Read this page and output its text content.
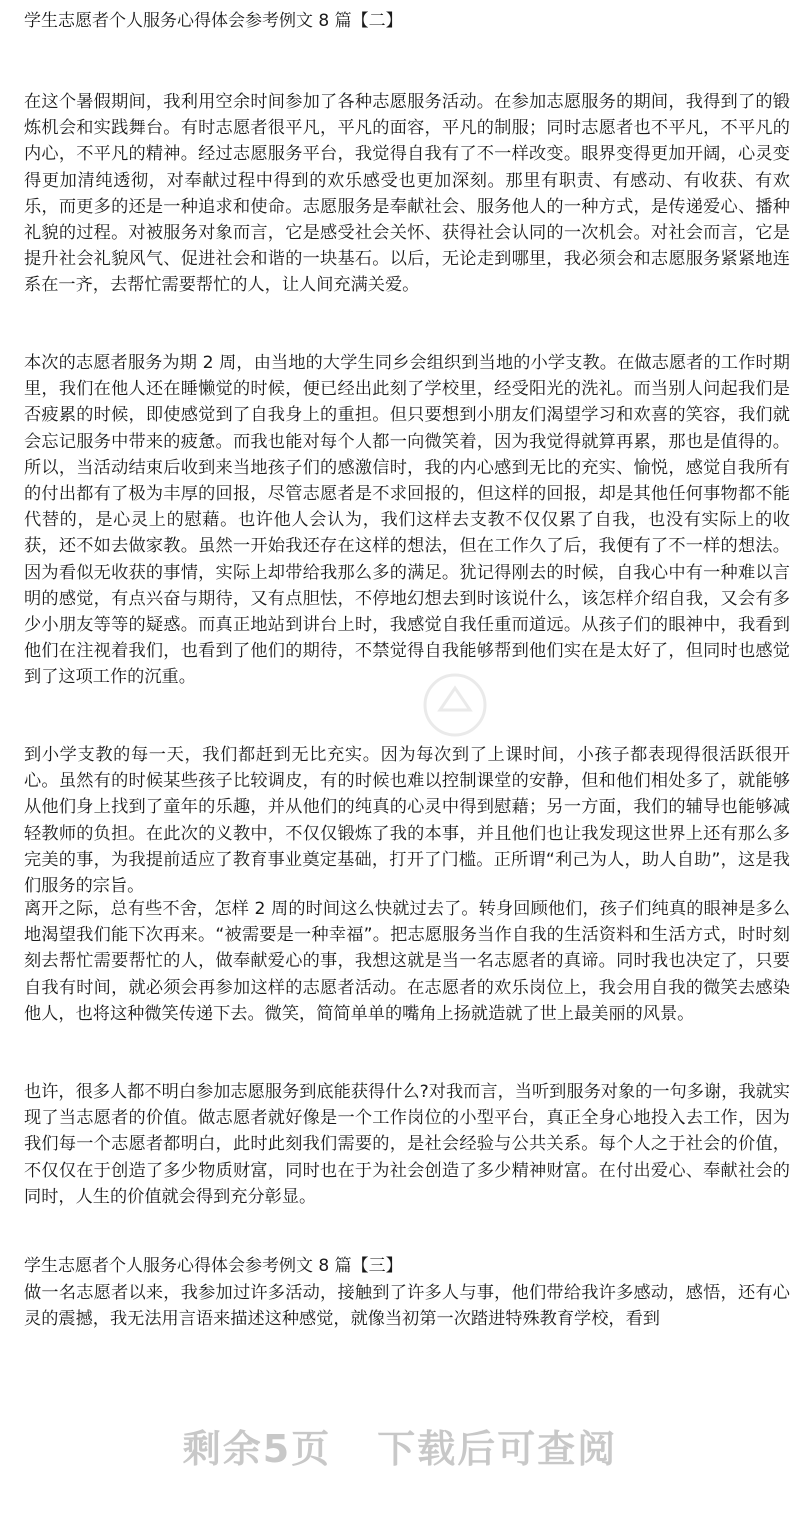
学生志愿者个人服务心得体会参考例文 8 篇【二】

在这个暑假期间，我利用空余时间参加了各种志愿服务活动。在参加志愿服务的期间，我得到了的锻炼机会和实践舞台。有时志愿者很平凡，平凡的面容，平凡的制服；同时志愿者也不平凡，不平凡的内心，不平凡的精神。经过志愿服务平台，我觉得自我有了不一样改变。眼界变得更加开阔，心灵变得更加清纯透彻，对奉献过程中得到的欢乐感受也更加深刻。那里有职责、有感动、有收获、有欢乐，而更多的还是一种追求和使命。志愿服务是奉献社会、服务他人的一种方式，是传递爱心、播种礼貌的过程。对被服务对象而言，它是感受社会关怀、获得社会认同的一次机会。对社会而言，它是提升社会礼貌风气、促进社会和谐的一块基石。以后，无论走到哪里，我必须会和志愿服务紧紧地连系在一齐，去帮忙需要帮忙的人，让人间充满关爱。

本次的志愿者服务为期 2 周，由当地的大学生同乡会组织到当地的小学支教。在做志愿者的工作时期里，我们在他人还在睡懒觉的时候，便已经出此刻了学校里，经受阳光的洗礼。而当别人问起我们是否疲累的时候，即使感觉到了自我身上的重担。但只要想到小朋友们渴望学习和欢喜的笑容，我们就会忘记服务中带来的疲惫。而我也能对每个人都一向微笑着，因为我觉得就算再累，那也是值得的。所以，当活动结束后收到来当地孩子们的感激信时，我的内心感到无比的充实、愉悦，感觉自我所有的付出都有了极为丰厚的回报，尽管志愿者是不求回报的，但这样的回报，却是其他任何事物都不能代替的，是心灵上的慰藉。也许他人会认为，我们这样去支教不仅仅累了自我，也没有实际上的收获，还不如去做家教。虽然一开始我还存在这样的想法，但在工作久了后，我便有了不一样的想法。因为看似无收获的事情，实际上却带给我那么多的满足。犹记得刚去的时候，自我心中有一种难以言明的感觉，有点兴奋与期待，又有点胆怯，不停地幻想去到时该说什么，该怎样介绍自我，又会有多少小朋友等等的疑惑。而真正地站到讲台上时，我感觉自我任重而道远。从孩子们的眼神中，我看到他们在注视着我们，也看到了他们的期待，不禁觉得自我能够帮到他们实在是太好了，但同时也感觉到了这项工作的沉重。

到小学支教的每一天，我们都赶到无比充实。因为每次到了上课时间，小孩子都表现得很活跃很开心。虽然有的时候某些孩子比较调皮，有的时候也难以控制课堂的安静，但和他们相处多了，就能够从他们身上找到了童年的乐趣，并从他们的纯真的心灵中得到慰藉；另一方面，我们的辅导也能够减轻教师的负担。在此次的义教中，不仅仅锻炼了我的本事，并且他们也让我发现这世界上还有那么多完美的事，为我提前适应了教育事业奠定基础，打开了门槛。正所谓“利己为人，助人自助”，这是我们服务的宗旨。

离开之际，总有些不舍，怎样 2 周的时间这么快就过去了。转身回顾他们，孩子们纯真的眼神是多么地渴望我们能下次再来。“被需要是一种幸福”。把志愿服务当作自我的生活资料和生活方式，时时刻刻去帮忙需要帮忙的人，做奉献爱心的事，我想这就是当一名志愿者的真谛。同时我也决定了，只要自我有时间，就必须会再参加这样的志愿者活动。在志愿者的欢乐岗位上，我会用自我的微笑去感染他人，也将这种微笑传递下去。微笑，简简单单的嘴角上扬就造就了世上最美丽的风景。

也许，很多人都不明白参加志愿服务到底能获得什么?对我而言，当听到服务对象的一句多谢，我就实现了当志愿者的价值。做志愿者就好像是一个工作岗位的小型平台，真正全身心地投入去工作，因为我们每一个志愿者都明白，此时此刻我们需要的，是社会经验与公共关系。每个人之于社会的价值，不仅仅在于创造了多少物质财富，同时也在于为社会创造了多少精神财富。在付出爱心、奉献社会的同时，人生的价值就会得到充分彰显。

学生志愿者个人服务心得体会参考例文 8 篇【三】

做一名志愿者以来，我参加过许多活动，接触到了许多人与事，他们带给我许多感动，感悟，还有心灵的震撼，我无法用言语来描述这种感觉，就像当初第一次踏进特殊教育学校，看到

剩余5页 下载后可查阅
